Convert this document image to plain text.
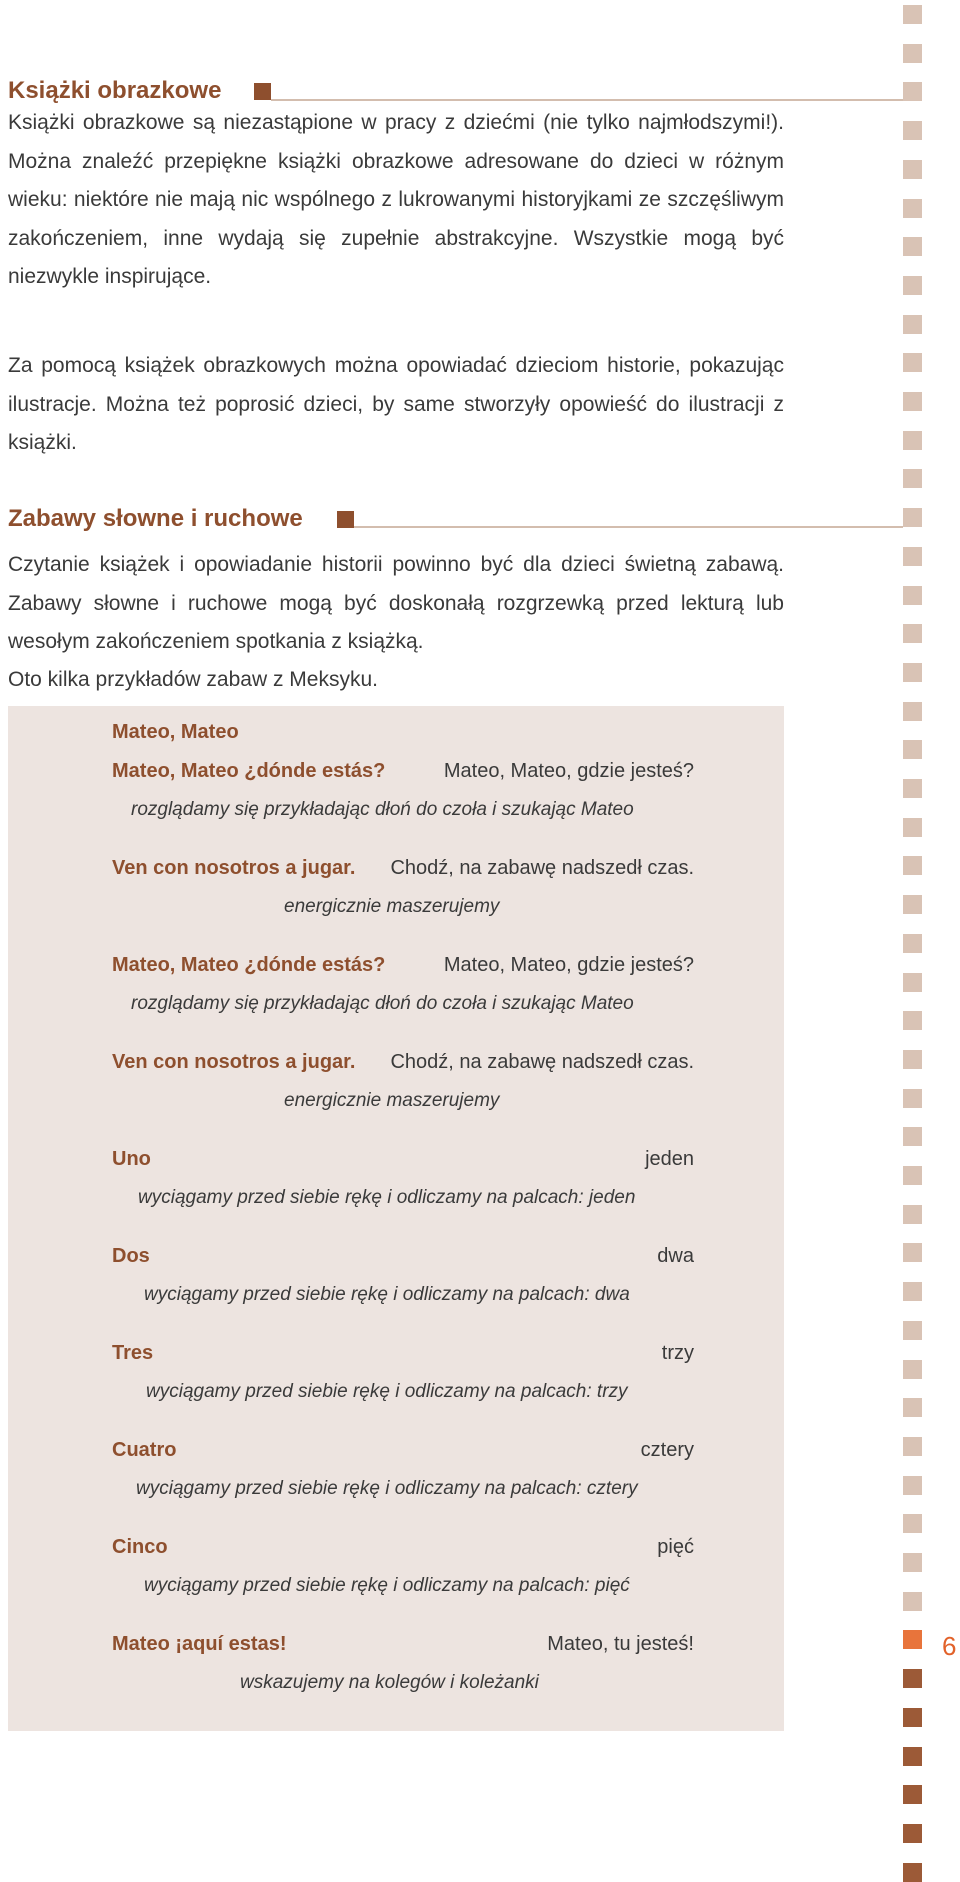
Książki obrazkowe

Książki obrazkowe są niezastąpione w pracy z dziećmi (nie tylko najmłodszymi!). Można znaleźć przepiękne książki obrazkowe adresowane do dzieci w różnym wieku: niektóre nie mają nic wspólnego z lukrowanymi historyjkami ze szczęśliwym zakończeniem, inne wydają się zupełnie abstrakcyjne. Wszystkie mogą być niezwykle inspirujące.

Za pomocą książek obrazkowych można opowiadać dzieciom historie, pokazując ilustracje. Można też poprosić dzieci, by same stworzyły opowieść do ilustracji z książki.

Zabawy słowne i ruchowe

Czytanie książek i opowiadanie historii powinno być dla dzieci świetną zabawą. Zabawy słowne i ruchowe mogą być doskonałą rozgrzewką przed lekturą lub wesołym zakończeniem spotkania z książką.

Oto kilka przykładów zabaw z Meksyku.

Mateo, Mateo
Mateo, Mateo ¿dónde estás?	Mateo, Mateo, gdzie jesteś?
rozglądamy się przykładając dłoń do czoła i szukając Mateo
Ven con nosotros a jugar. Chodź, na zabawę nadszedł czas.
energicznie maszerujemy
Mateo, Mateo ¿dónde estás?	Mateo, Mateo, gdzie jesteś?
rozglądamy się przykładając dłoń do czoła i szukając Mateo
Ven con nosotros a jugar. Chodź, na zabawę nadszedł czas.
energicznie maszerujemy
Uno	jeden
wyciągamy przed siebie rękę i odliczamy na palcach: jeden
Dos	dwa
wyciągamy przed siebie rękę i odliczamy na palcach: dwa
Tres	trzy
wyciągamy przed siebie rękę i odliczamy na palcach: trzy
Cuatro	cztery
wyciągamy przed siebie rękę i odliczamy na palcach: cztery
Cinco	pięć
wyciągamy przed siebie rękę i odliczamy na palcach: pięć
Mateo ¡aquí estas!	Mateo, tu jesteś!
wskazujemy na kolegów i koleżanki
6
